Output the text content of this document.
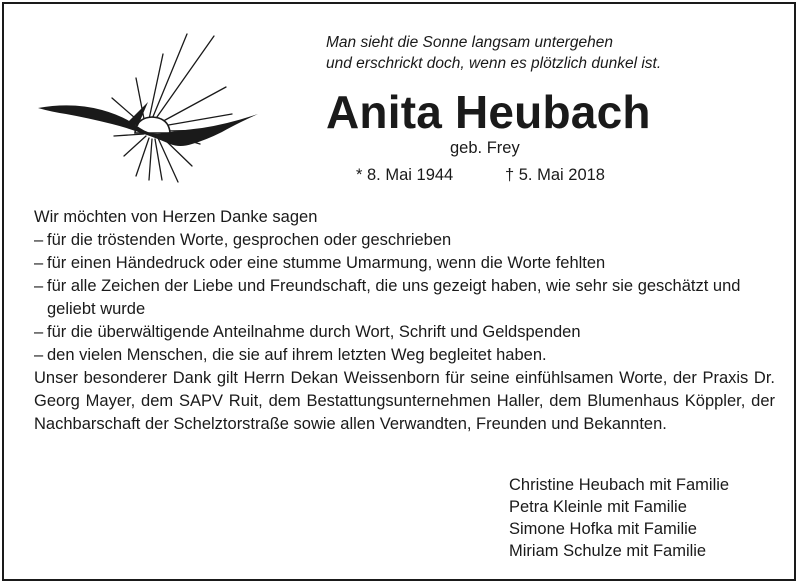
Man sieht die Sonne langsam untergehen
und erschrickt doch, wenn es plötzlich dunkel ist.
Anita Heubach
geb. Frey
* 8. Mai 1944	† 5. Mai 2018

Wir möchten von Herzen Danke sagen

– für die tröstenden Worte, gesprochen oder geschrieben
– für einen Händedruck oder eine stumme Umarmung, wenn die Worte fehlten
– für alle Zeichen der Liebe und Freundschaft, die uns gezeigt haben, wie sehr sie geschätzt und geliebt wurde
– für die überwältigende Anteilnahme durch Wort, Schrift und Geldspenden
– den vielen Menschen, die sie auf ihrem letzten Weg begleitet haben.

Unser besonderer Dank gilt Herrn Dekan Weissenborn für seine einfühlsamen Worte, der Praxis Dr. Georg Mayer, dem SAPV Ruit, dem Bestattungsunternehmen Haller, dem Blumenhaus Köppler, der Nachbarschaft der Schelztorstraße sowie allen Verwandten, Freunden und Bekannten.

Christine Heubach mit Familie
Petra Kleinle mit Familie
Simone Hofka mit Familie
Miriam Schulze mit Familie
